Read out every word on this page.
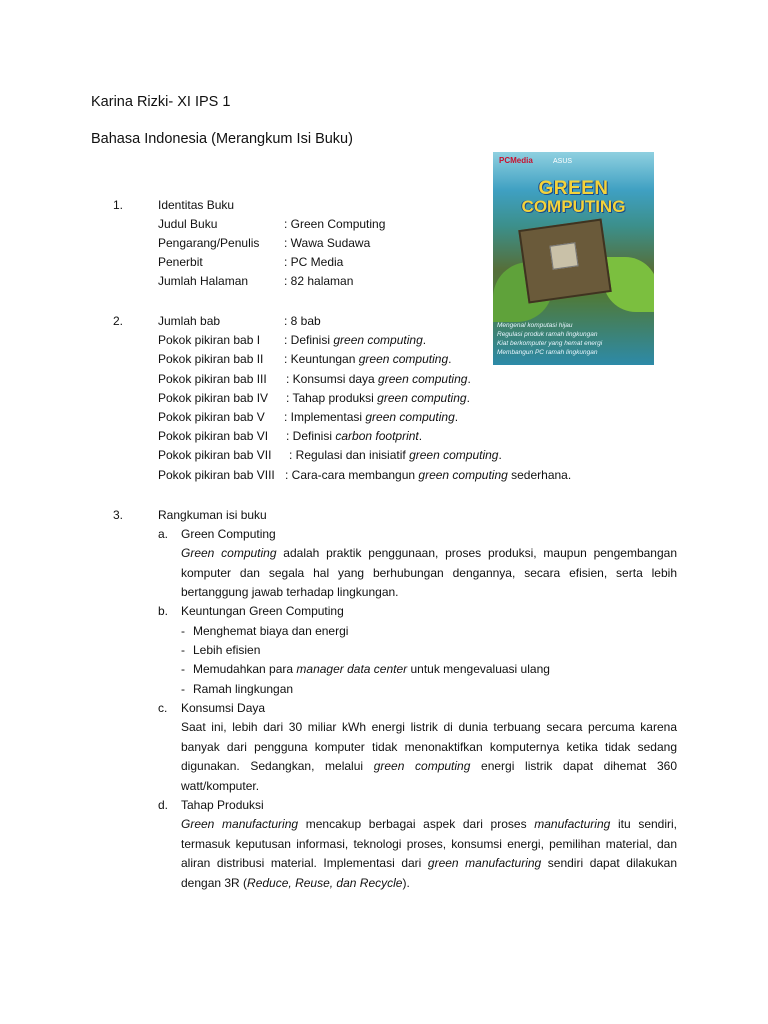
Karina Rizki- XI IPS 1
Bahasa Indonesia (Merangkum Isi Buku)
PCMedia	ASUS
GREEN
COMPUTING
Mengenal komputasi hijau
Regulasi produk ramah lingkungan
Kiat berkomputer yang hemat energi
Membangun PC ramah lingkungan
1.	Identitas Buku
Judul Buku	: Green Computing
Pengarang/Penulis : Wawa Sudawa
Penerbit	: PC Media
Jumlah Halaman	: 82 halaman
2.	Jumlah bab	: 8 bab
Pokok pikiran bab I : Definisi green computing.
Pokok pikiran bab II : Keuntungan green computing.
Pokok pikiran bab III : Konsumsi daya green computing.
Pokok pikiran bab IV : Tahap produksi green computing.
Pokok pikiran bab V : Implementasi green computing.
Pokok pikiran bab VI : Definisi carbon footprint.
Pokok pikiran bab VII : Regulasi dan inisiatif green computing.
Pokok pikiran bab VIII : Cara-cara membangun green computing sederhana.
3.	Rangkuman isi buku
a. Green Computing
Green computing adalah praktik penggunaan, proses produksi, maupun pengembangan komputer dan segala hal yang berhubungan dengannya, secara efisien, serta lebih bertanggung jawab terhadap lingkungan.
b. Keuntungan Green Computing
- Menghemat biaya dan energi
- Lebih efisien
- Memudahkan para manager data center untuk mengevaluasi ulang
- Ramah lingkungan
c. Konsumsi Daya
Saat ini, lebih dari 30 miliar kWh energi listrik di dunia terbuang secara percuma karena banyak dari pengguna komputer tidak menonaktifkan komputernya ketika tidak sedang digunakan. Sedangkan, melalui green computing energi listrik dapat dihemat 360 watt/komputer.
d. Tahap Produksi
Green manufacturing mencakup berbagai aspek dari proses manufacturing itu sendiri, termasuk keputusan informasi, teknologi proses, konsumsi energi, pemilihan material, dan aliran distribusi material. Implementasi dari green manufacturing sendiri dapat dilakukan dengan 3R (Reduce, Reuse, dan Recycle).
